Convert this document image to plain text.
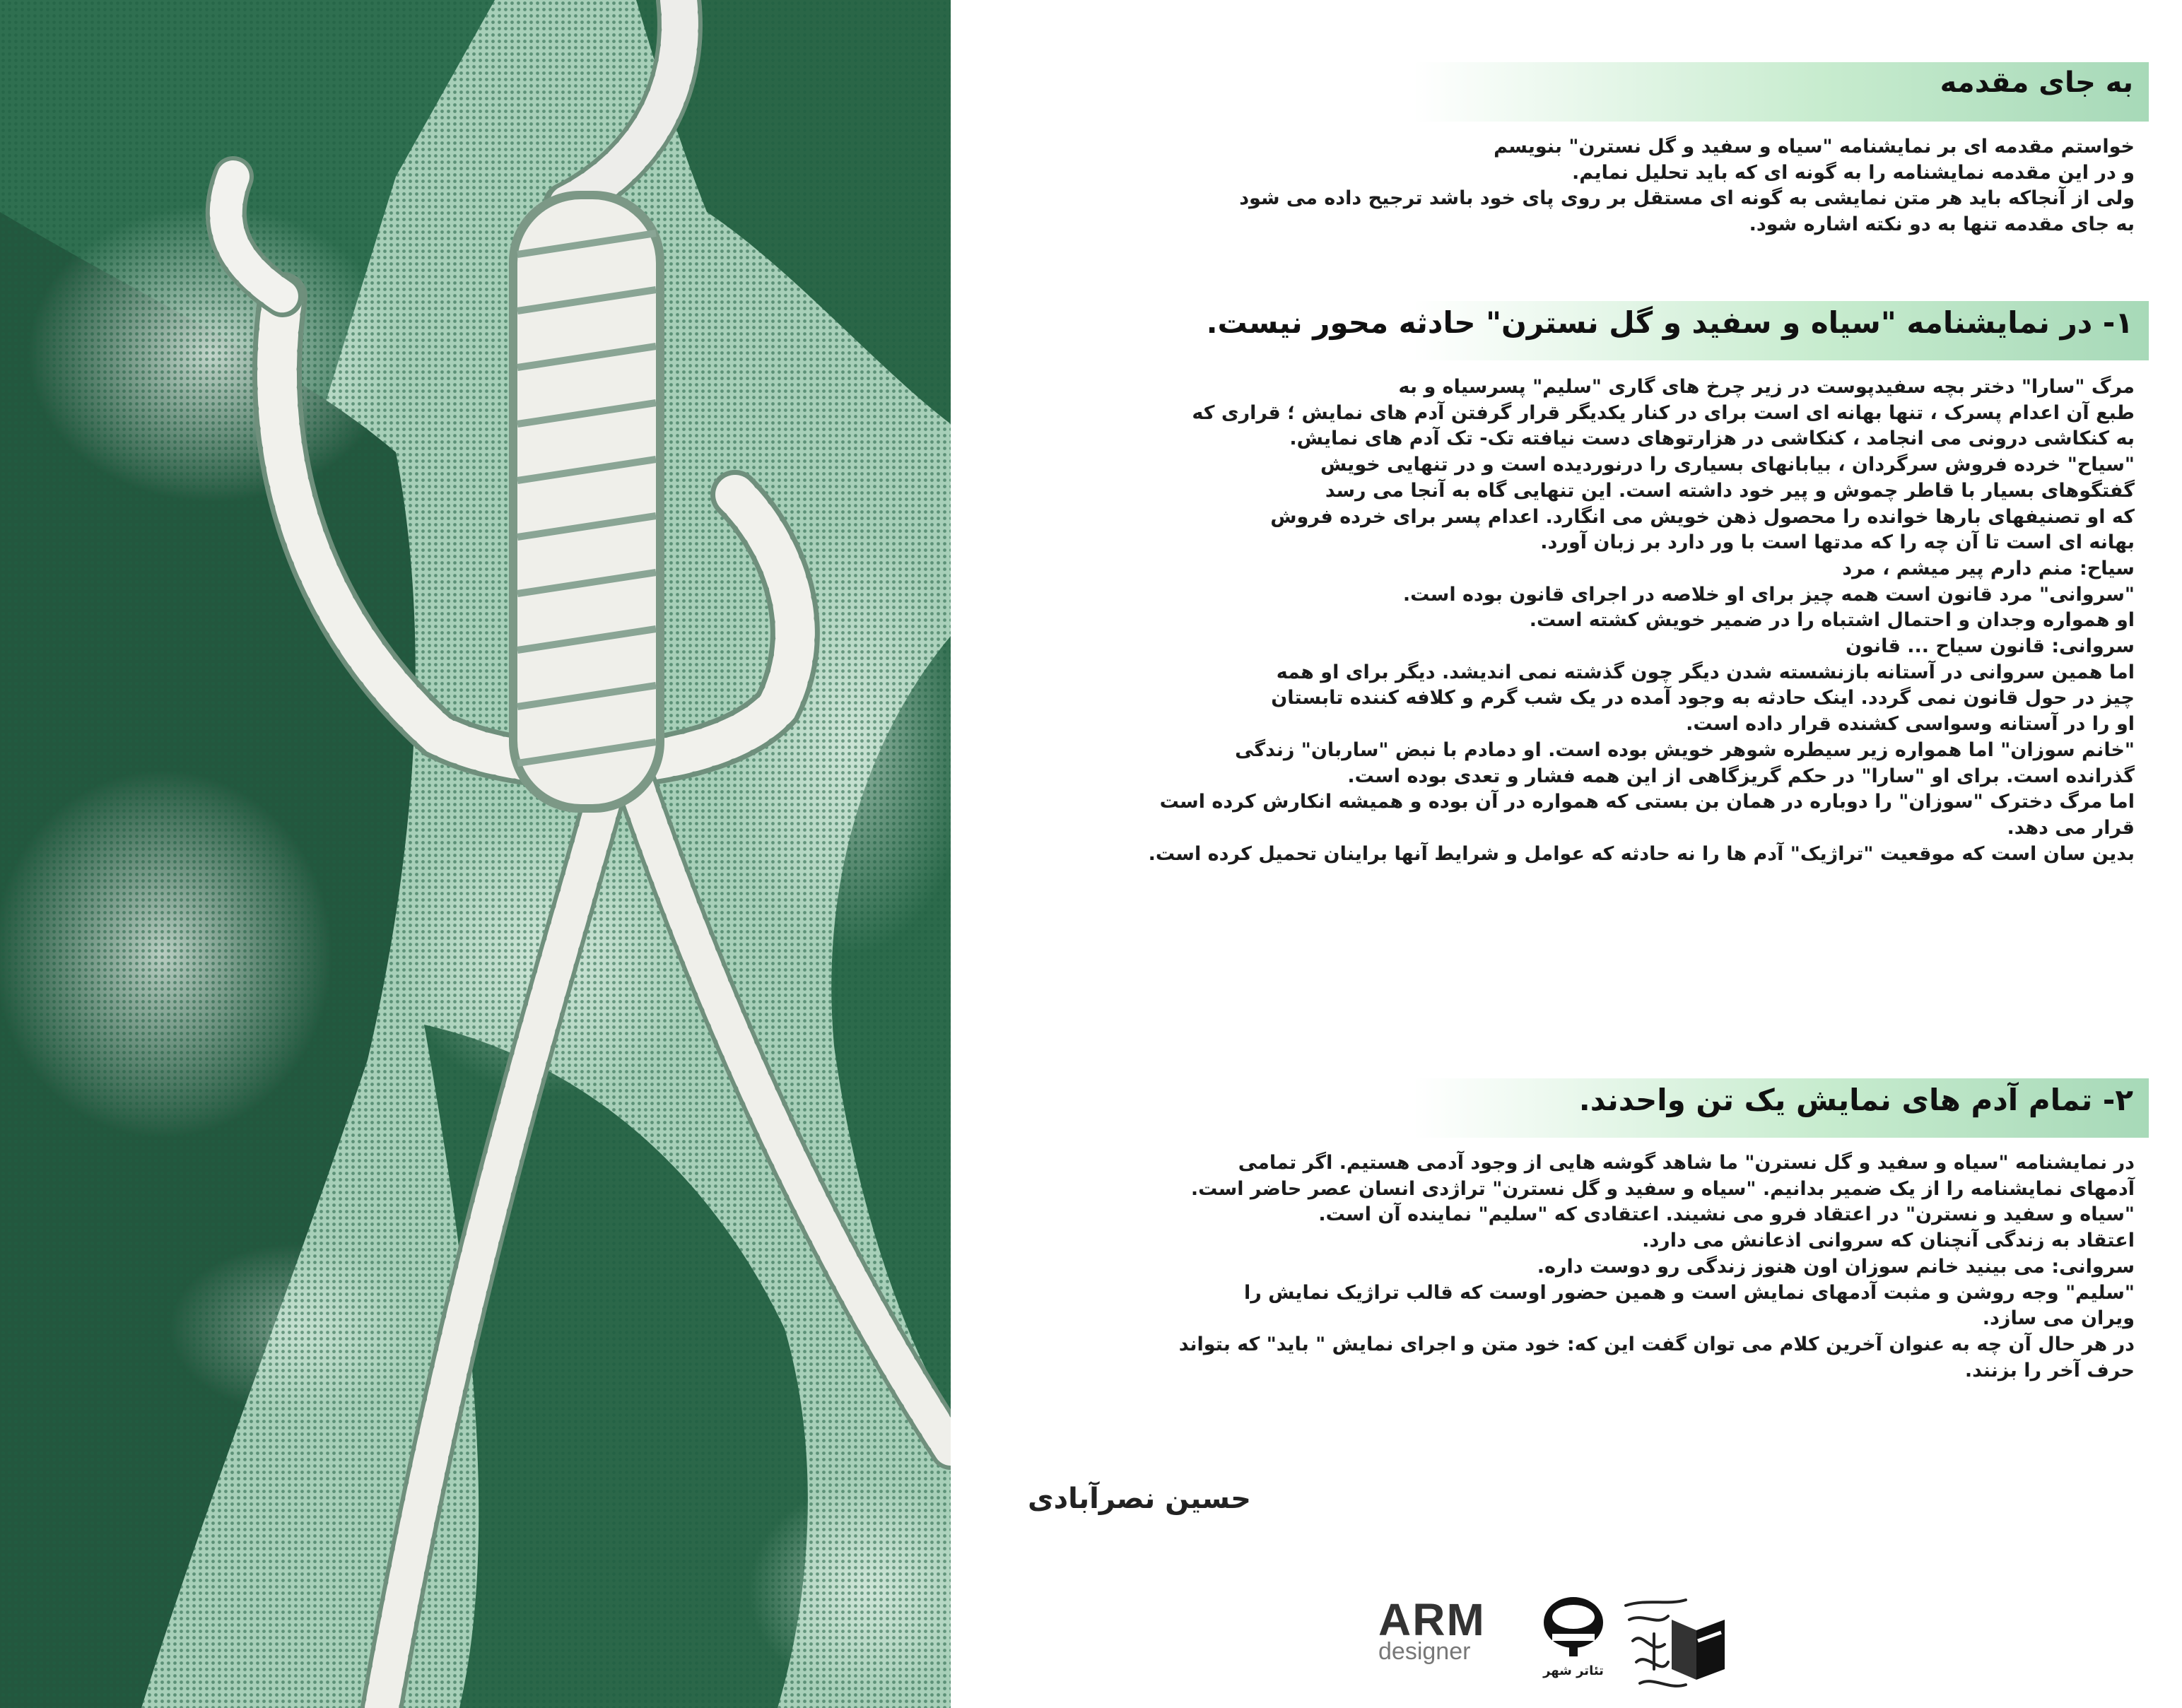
به جای مقدمه

خواستم مقدمه ای بر نمایشنامه "سیاه و سفید و گل نسترن" بنویسم

و در این مقدمه نمایشنامه را به گونه ای که باید تحلیل نمایم.

ولی از آنجاکه باید هر متن نمایشی به گونه ای مستقل بر روی پای خود باشد ترجیح داده می شود

به جای مقدمه تنها به دو نکته اشاره شود.

۱- در نمایشنامه "سیاه و سفید و گل نسترن" حادثه محور نیست.

مرگ "سارا" دختر بچه سفیدپوست در زیر چرخ های گاری "سلیم" پسرسیاه و به

طبع آن اعدام پسرک ، تنها بهانه ای است برای در کنار یکدیگر قرار گرفتن آدم های نمایش ؛ قراری که

به کنکاشی درونی می انجامد ، کنکاشی در هزارتوهای دست نیافته تک- تک آدم های نمایش.

"سیاح" خرده فروش سرگردان ، بیابانهای بسیاری را درنوردیده است و در تنهایی خویش

گفتگوهای بسیار با قاطر چموش و پیر خود داشته است. این تنهایی گاه به آنجا می رسد

که او تصنیفهای بارها خوانده را محصول ذهن خویش می انگارد. اعدام پسر برای خرده فروش

بهانه ای است تا آن چه را که مدتها است با ور دارد بر زبان آورد.

سیاح: منم دارم پیر میشم ، مرد

"سروانی" مرد قانون است همه چیز برای او خلاصه در اجرای قانون بوده است.

او همواره وجدان و احتمال اشتباه را در ضمیر خویش کشته است.

سروانی: قانون سیاح ... قانون

اما همین سروانی در آستانه بازنشسته شدن دیگر چون گذشته نمی اندیشد. دیگر برای او همه

چیز در حول قانون نمی گردد. اینک حادثه به وجود آمده در یک شب گرم و کلافه کننده تابستان

او را در آستانه وسواسی کشنده قرار داده است.

"خانم سوزان" اما همواره زیر سیطره شوهر خویش بوده است. او دمادم با نبض "ساربان" زندگی

گذرانده است. برای او "سارا" در حکم گریزگاهی از این همه فشار و تعدی بوده است.

اما مرگ دخترک "سوزان" را دوباره در همان بن بستی که همواره در آن بوده و همیشه انکارش کرده است

قرار می دهد.

بدین سان است که موقعیت "تراژیک" آدم ها را نه حادثه که عوامل و شرایط آنها براینان تحمیل کرده است.

۲- تمام آدم های نمایش یک تن واحدند.

در نمایشنامه "سیاه و سفید و گل نسترن" ما شاهد گوشه هایی از وجود آدمی هستیم. اگر تمامی

آدمهای نمایشنامه را از یک ضمیر بدانیم. "سیاه و سفید و گل نسترن" تراژدی انسان عصر حاضر است.

"سیاه و سفید و نسترن" در اعتقاد فرو می نشیند. اعتقادی که "سلیم" نماینده آن است.

اعتقاد به زندگی آنچنان که سروانی اذعانش می دارد.

سروانی: می بینید خانم سوزان اون هنوز زندگی رو دوست داره.

"سلیم" وجه روشن و مثبت آدمهای نمایش است و همین حضور اوست که قالب تراژیک نمایش را

ویران می سازد.

در هر حال آن چه به عنوان آخرین کلام می توان گفت این که: خود متن و اجرای نمایش " باید" که بتواند

حرف آخر را بزنند.

حسین نصرآبادی
ARM
designer
تئاتر شهر
